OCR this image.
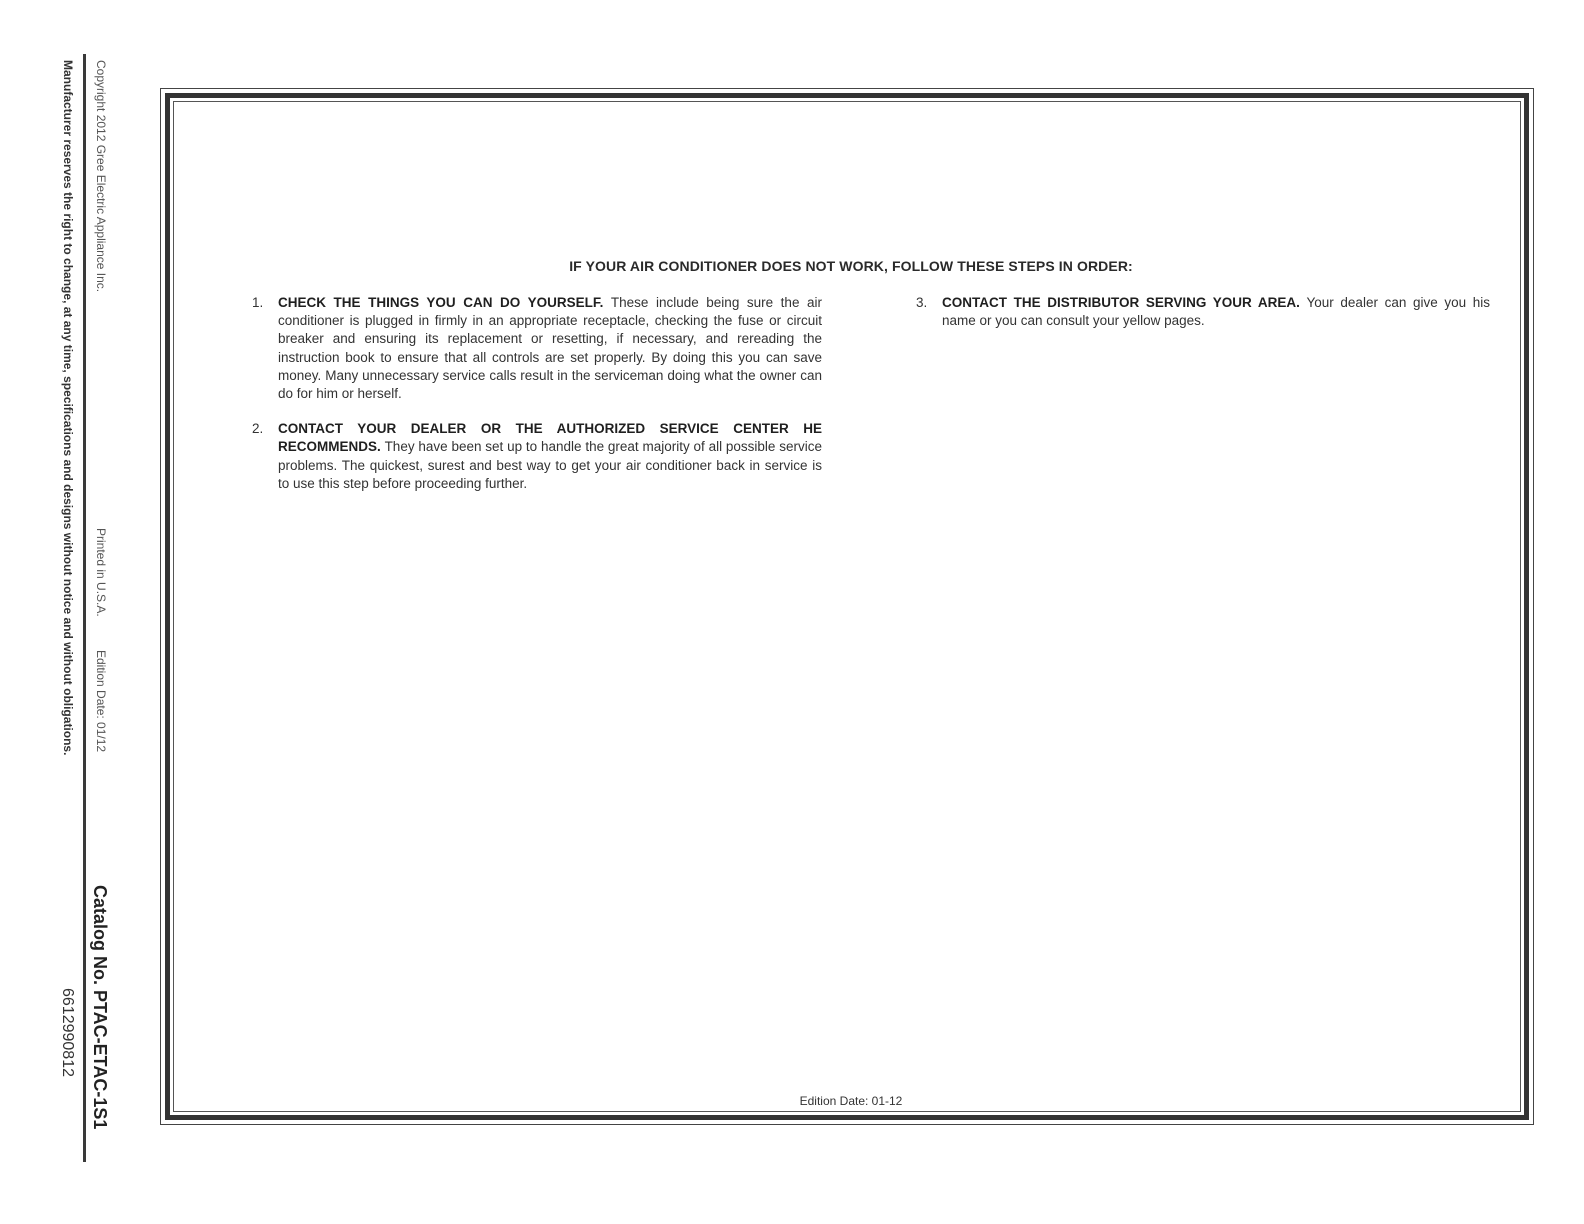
Manufacturer reserves the right to change, at any time, specifications and designs without notice and without obligations. Copyright 2012 Gree Electric Appliance Inc.
Printed in U.S.A.
Edition Date: 01/12
Catalog No. PTAC-ETAC-1S1
6612990812
IF YOUR AIR CONDITIONER DOES NOT WORK, FOLLOW THESE STEPS IN ORDER:
1. CHECK THE THINGS YOU CAN DO YOURSELF. These include being sure the air conditioner is plugged in firmly in an appropriate receptacle, checking the fuse or circuit breaker and ensuring its replacement or resetting, if necessary, and rereading the instruction book to ensure that all controls are set properly. By doing this you can save money. Many unnecessary service calls result in the serviceman doing what the owner can do for him or herself.
2. CONTACT YOUR DEALER OR THE AUTHORIZED SERVICE CENTER HE RECOMMENDS. They have been set up to handle the great majority of all possible service problems. The quickest, surest and best way to get your air conditioner back in service is to use this step before proceeding further.
3. CONTACT THE DISTRIBUTOR SERVING YOUR AREA. Your dealer can give you his name or you can consult your yellow pages.
Edition Date: 01-12
